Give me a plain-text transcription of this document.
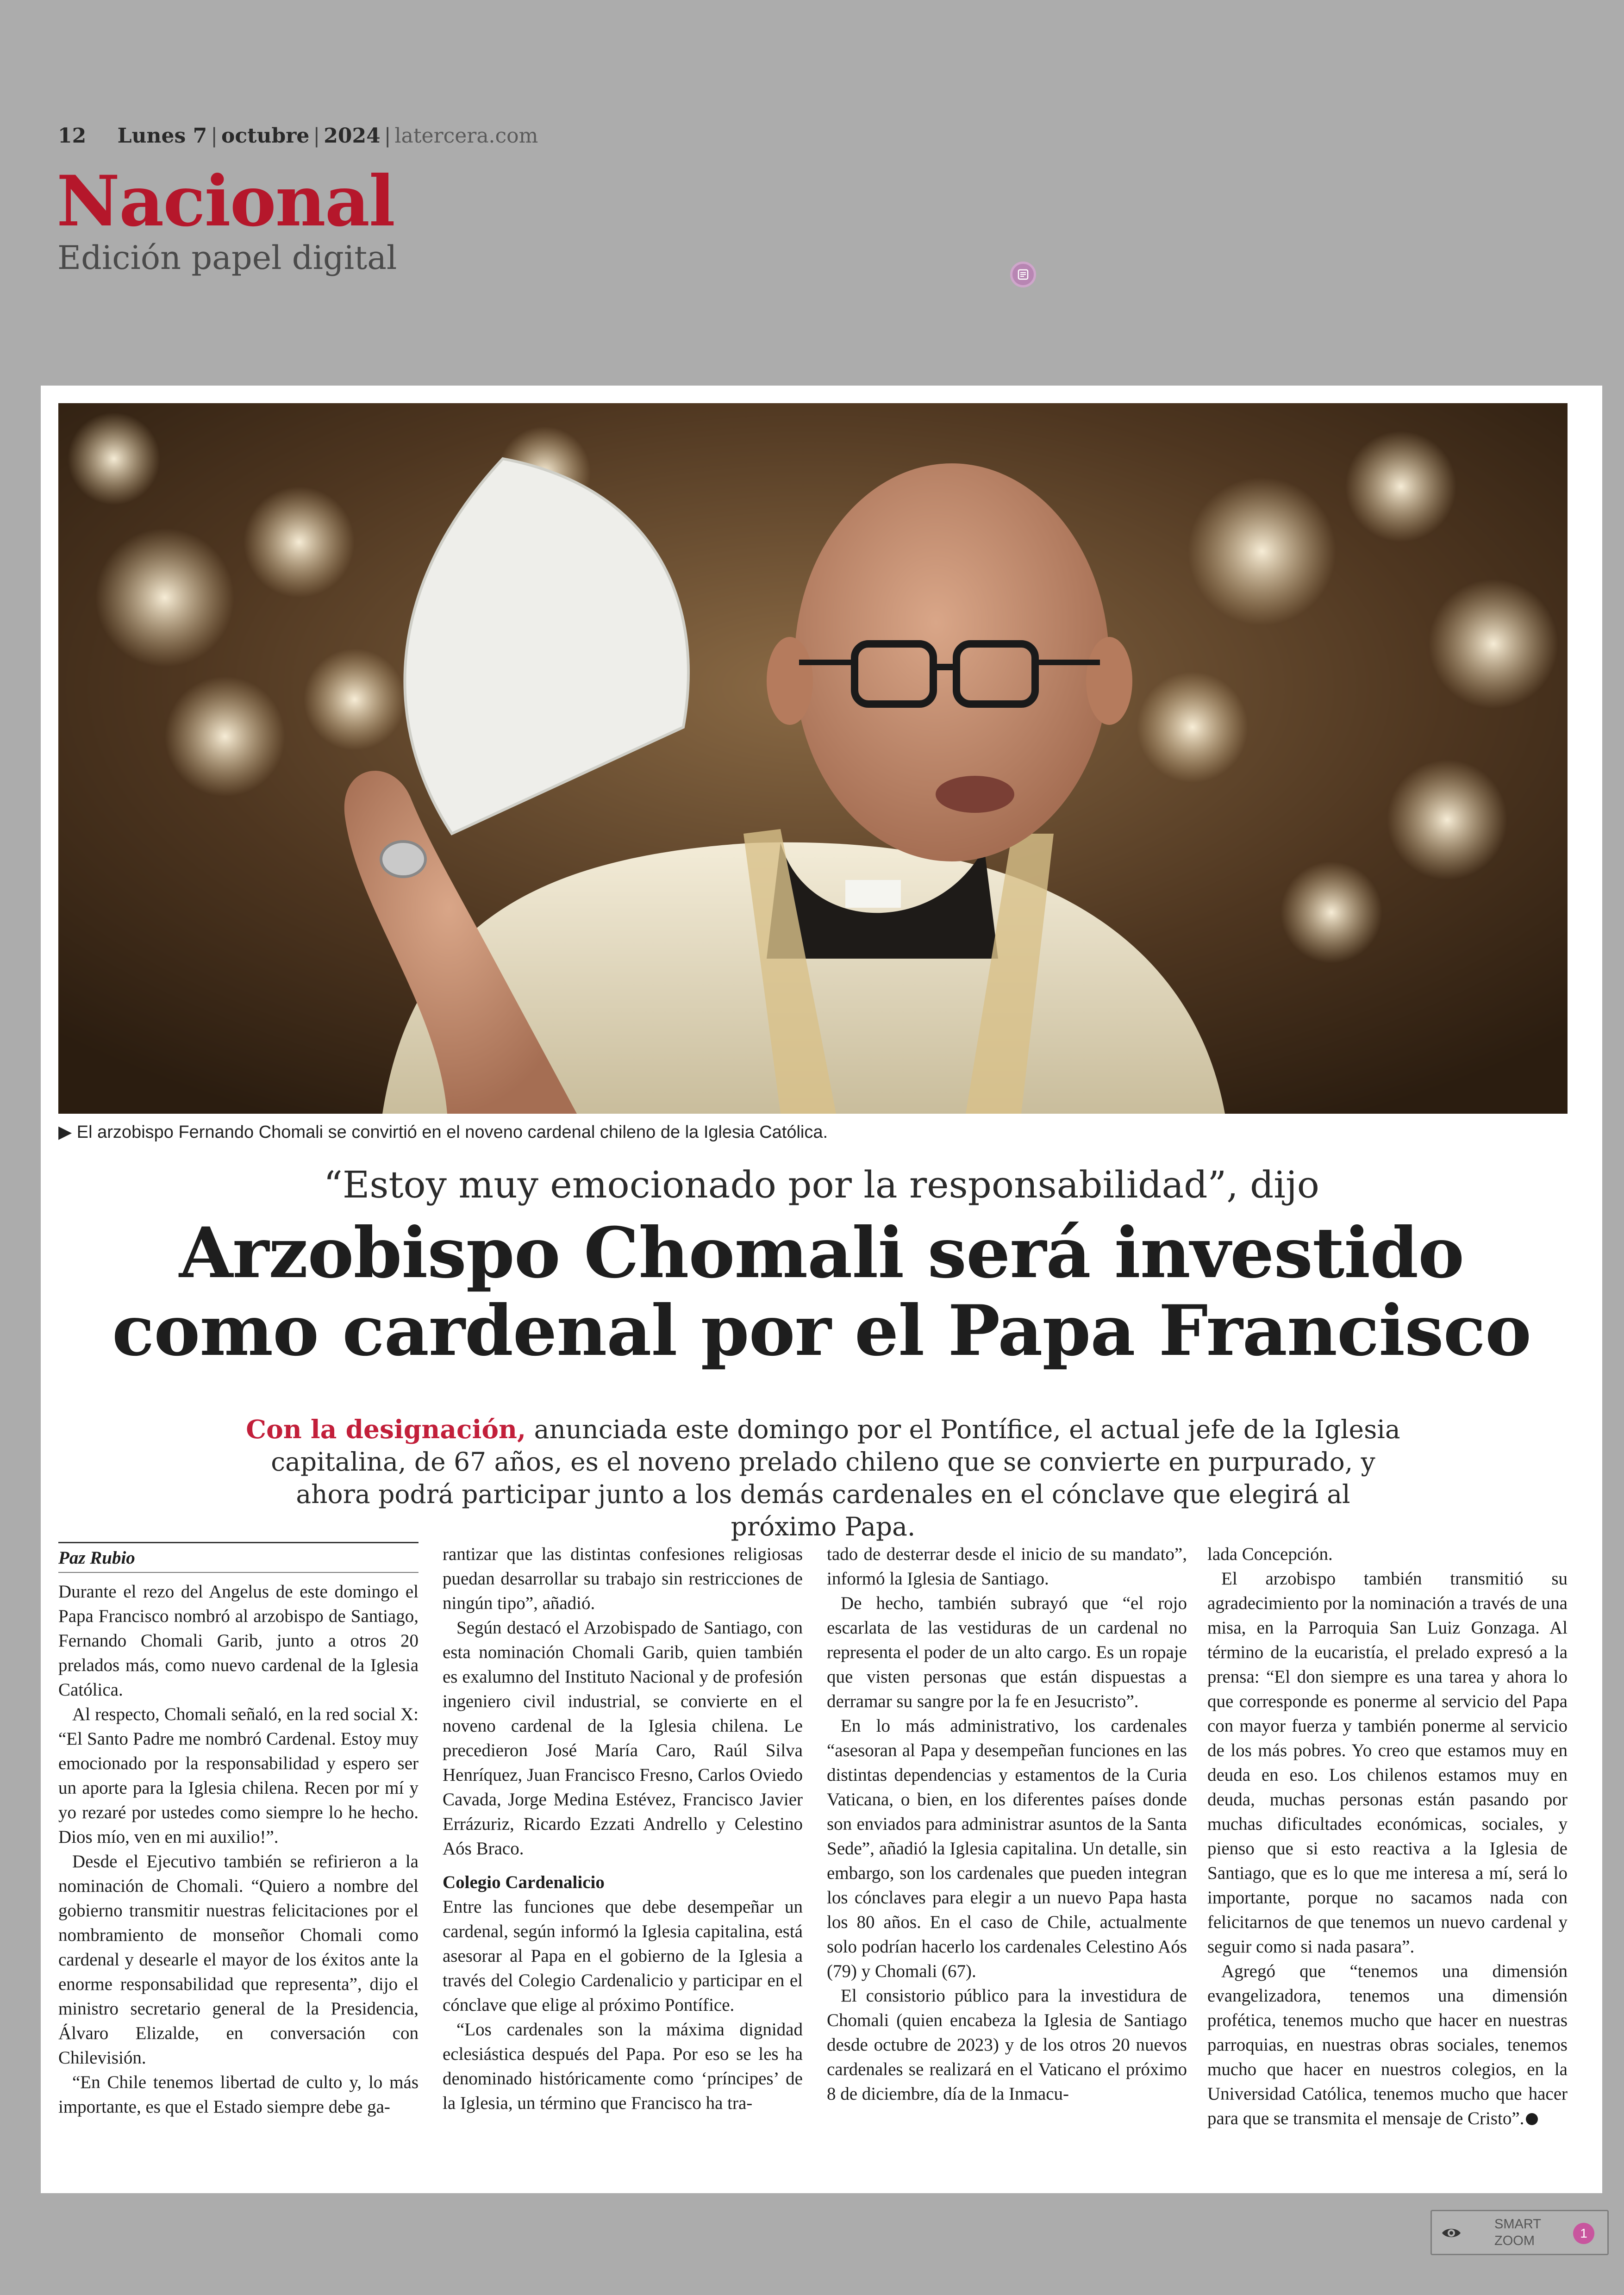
12 Lunes 7 | octubre | 2024 | latercera.com
Nacional
Edición papel digital
▶ El arzobispo Fernando Chomali se convirtió en el noveno cardenal chileno de la Iglesia Católica.
“Estoy muy emocionado por la responsabilidad”, dijo
Arzobispo Chomali será investido
como cardenal por el Papa Francisco
Con la designación, anunciada este domingo por el Pontífice, el actual jefe de la Iglesia capitalina, de 67 años, es el noveno prelado chileno que se convierte en purpurado, y ahora podrá participar junto a los demás cardenales en el cónclave que elegirá al próximo Papa.
Paz Rubio

Durante el rezo del Angelus de este domingo el Papa Francisco nombró al arzobispo de Santiago, Fernando Chomali Garib, junto a otros 20 prelados más, como nuevo cardenal de la Iglesia Católica.

Al respecto, Chomali señaló, en la red social X: “El Santo Padre me nombró Cardenal. Estoy muy emocionado por la responsabilidad y espero ser un aporte para la Iglesia chilena. Recen por mí y yo rezaré por ustedes como siempre lo he hecho. Dios mío, ven en mi auxilio!”.

Desde el Ejecutivo también se refirieron a la nominación de Chomali. “Quiero a nombre del gobierno transmitir nuestras felicitaciones por el nombramiento de monseñor Chomali como cardenal y desearle el mayor de los éxitos ante la enorme responsabilidad que representa”, dijo el ministro secretario general de la Presidencia, Álvaro Elizalde, en conversación con Chilevisión.

“En Chile tenemos libertad de culto y, lo más importante, es que el Estado siempre debe ga-

rantizar que las distintas confesiones religiosas puedan desarrollar su trabajo sin restricciones de ningún tipo”, añadió.

Según destacó el Arzobispado de Santiago, con esta nominación Chomali Garib, quien también es exalumno del Instituto Nacional y de profesión ingeniero civil industrial, se convierte en el noveno cardenal de la Iglesia chilena. Le precedieron José María Caro, Raúl Silva Henríquez, Juan Francisco Fresno, Carlos Oviedo Cavada, Jorge Medina Estévez, Francisco Javier Errázuriz, Ricardo Ezzati Andrello y Celestino Aós Braco.

Colegio Cardenalicio

Entre las funciones que debe desempeñar un cardenal, según informó la Iglesia capitalina, está asesorar al Papa en el gobierno de la Iglesia a través del Colegio Cardenalicio y participar en el cónclave que elige al próximo Pontífice.

“Los cardenales son la máxima dignidad eclesiástica después del Papa. Por eso se les ha denominado históricamente como ‘príncipes’ de la Iglesia, un término que Francisco ha tra-

tado de desterrar desde el inicio de su mandato”, informó la Iglesia de Santiago.

De hecho, también subrayó que “el rojo escarlata de las vestiduras de un cardenal no representa el poder de un alto cargo. Es un ropaje que visten personas que están dispuestas a derramar su sangre por la fe en Jesucristo”.

En lo más administrativo, los cardenales “asesoran al Papa y desempeñan funciones en las distintas dependencias y estamentos de la Curia Vaticana, o bien, en los diferentes países donde son enviados para administrar asuntos de la Santa Sede”, añadió la Iglesia capitalina. Un detalle, sin embargo, son los cardenales que pueden integran los cónclaves para elegir a un nuevo Papa hasta los 80 años. En el caso de Chile, actualmente solo podrían hacerlo los cardenales Celestino Aós (79) y Chomali (67).

El consistorio público para la investidura de Chomali (quien encabeza la Iglesia de Santiago desde octubre de 2023) y de los otros 20 nuevos cardenales se realizará en el Vaticano el próximo 8 de diciembre, día de la Inmacu-

lada Concepción.

El arzobispo también transmitió su agradecimiento por la nominación a través de una misa, en la Parroquia San Luiz Gonzaga. Al término de la eucaristía, el prelado expresó a la prensa: “El don siempre es una tarea y ahora lo que corresponde es ponerme al servicio del Papa con mayor fuerza y también ponerme al servicio de los más pobres. Yo creo que estamos muy en deuda en eso. Los chilenos estamos muy en deuda, muchas personas están pasando por muchas dificultades económicas, sociales, y pienso que si esto reactiva a la Iglesia de Santiago, que es lo que me interesa a mí, será lo importante, porque no sacamos nada con felicitarnos de que tenemos un nuevo cardenal y seguir como si nada pasara”.

Agregó que “tenemos una dimensión evangelizadora, tenemos una dimensión profética, tenemos mucho que hacer en nuestras parroquias, en nuestras obras sociales, tenemos mucho que hacer en nuestros colegios, en la Universidad Católica, tenemos mucho que hacer para que se transmita el mensaje de Cristo”.

SMART
ZOOM
1
